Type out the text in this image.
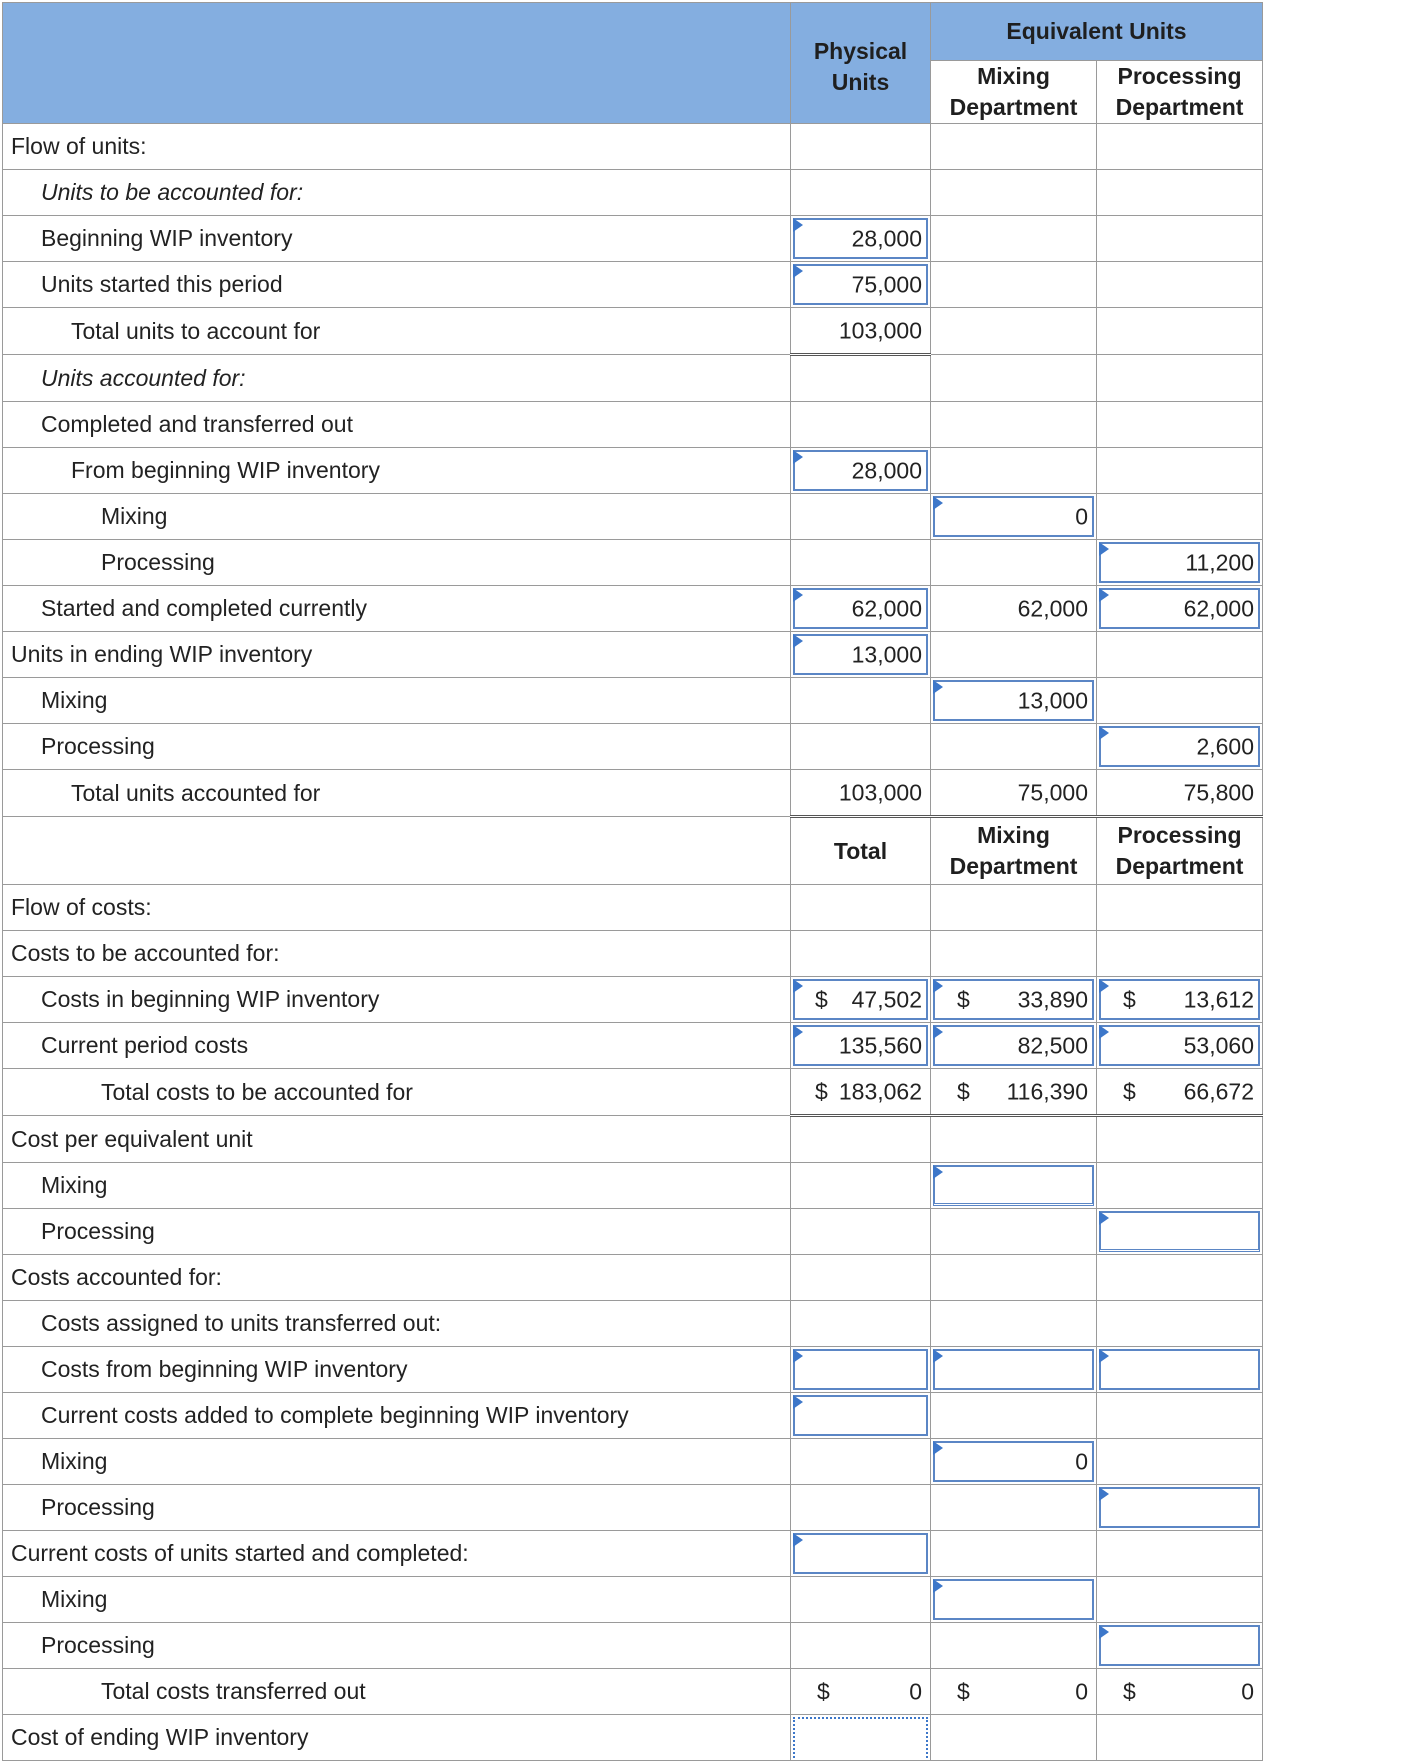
	Physical Units	Equivalent Units	

		Mixing Department	Processing Department

Flow of units:			
Units to be accounted for:			
Beginning WIP inventory	28,000		

Units started this period	75,000		

Total units to account for	103,000		

Units accounted for:			
Completed and transferred out			
From beginning WIP inventory	28,000		

Mixing		0	

Processing			11,200

Started and completed currently	62,000	62,000	62,000

Units in ending WIP inventory	13,000		

Mixing		13,000	

Processing			2,600

Total units accounted for	103,000	75,000	75,800

	Total	Mixing Department	Processing Department

Flow of costs:			
Costs to be accounted for:			
Costs in beginning WIP inventory	$ 47,502	$ 33,890	$ 13,612

Current period costs	135,560	82,500	53,060

Total costs to be accounted for	$ 183,062	$ 116,390	$ 66,672

Cost per equivalent unit			
Mixing		

Processing			

Costs accounted for:			
Costs assigned to units transferred out:			
Costs from beginning WIP inventory	

Current costs added to complete beginning WIP inventory	

Mixing		0	

Processing			

Current costs of units started and completed:	

Mixing		

Processing			

Total costs transferred out	$ 0	$ 0	$ 0

Cost of ending WIP inventory	
